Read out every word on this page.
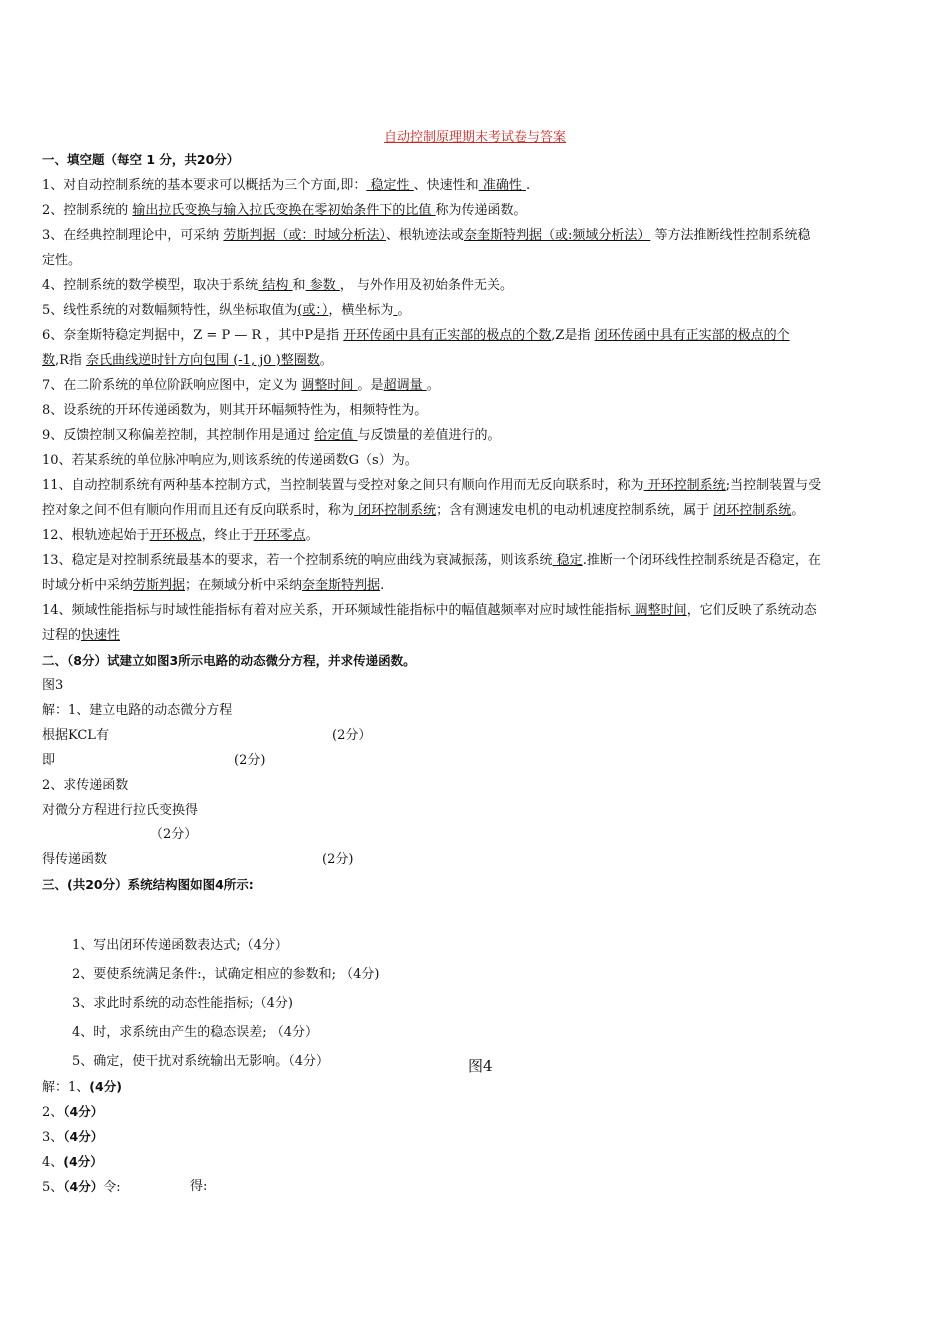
自动控制原理期末考试卷与答案
一、填空题（每空 1 分，共20分）
1、对自动控制系统的基本要求可以概括为三个方面,即： 稳定性 、快速性和 准确性 .
2、控制系统的 输出拉氏变换与输入拉氏变换在零初始条件下的比值 称为传递函数。
3、在经典控制理论中，可采纳 劳斯判据（或：时域分析法）、根轨迹法或奈奎斯特判据（或:频域分析法） 等方法推断线性控制系统稳
定性。
4、控制系统的数学模型，取决于系统 结构 和 参数 ， 与外作用及初始条件无关。
5、线性系统的对数幅频特性，纵坐标取值为(或：），横坐标为 。
6、奈奎斯特稳定判据中，Z = P — R ，其中P是指 开环传函中具有正实部的极点的个数,Z是指 闭环传函中具有正实部的极点的个
数,R指 奈氏曲线逆时针方向包围 (-1, j0 )整圈数。
7、在二阶系统的单位阶跃响应图中，定义为 调整时间 。是超调量 。
8、设系统的开环传递函数为，则其开环幅频特性为，相频特性为。
9、反馈控制又称偏差控制，其控制作用是通过 给定值 与反馈量的差值进行的。
10、若某系统的单位脉冲响应为,则该系统的传递函数G（s）为。
11、自动控制系统有两种基本控制方式，当控制装置与受控对象之间只有顺向作用而无反向联系时，称为 开环控制系统;当控制装置与受
控对象之间不但有顺向作用而且还有反向联系时，称为 闭环控制系统；含有测速发电机的电动机速度控制系统，属于 闭环控制系统。
12、根轨迹起始于开环极点，终止于开环零点。
13、稳定是对控制系统最基本的要求，若一个控制系统的响应曲线为衰减振荡，则该系统 稳定.推断一个闭环线性控制系统是否稳定，在
时域分析中采纳劳斯判据；在频域分析中采纳奈奎斯特判据.
14、频域性能指标与时域性能指标有着对应关系，开环频域性能指标中的幅值越频率对应时域性能指标 调整时间，它们反映了系统动态
过程的快速性
二、（8分）试建立如图3所示电路的动态微分方程，并求传递函数。
图3
解：1、建立电路的动态微分方程
根据KCL有	(2分）
即	(2分)
2、求传递函数
对微分方程进行拉氏变换得
（2分）
得传递函数	(2分)
三、(共20分）系统结构图如图4所示:
1、写出闭环传递函数表达式;（4分）
2、要使系统满足条件:，试确定相应的参数和; （4分)
3、求此时系统的动态性能指标;（4分)
4、时，求系统由产生的稳态误差; （4分）
5、确定，使干扰对系统输出无影响。（4分）	图4
解：1、(4分)
2、（4分）
3、（4分）
4、(4分）
5、（4分）令:	得:
